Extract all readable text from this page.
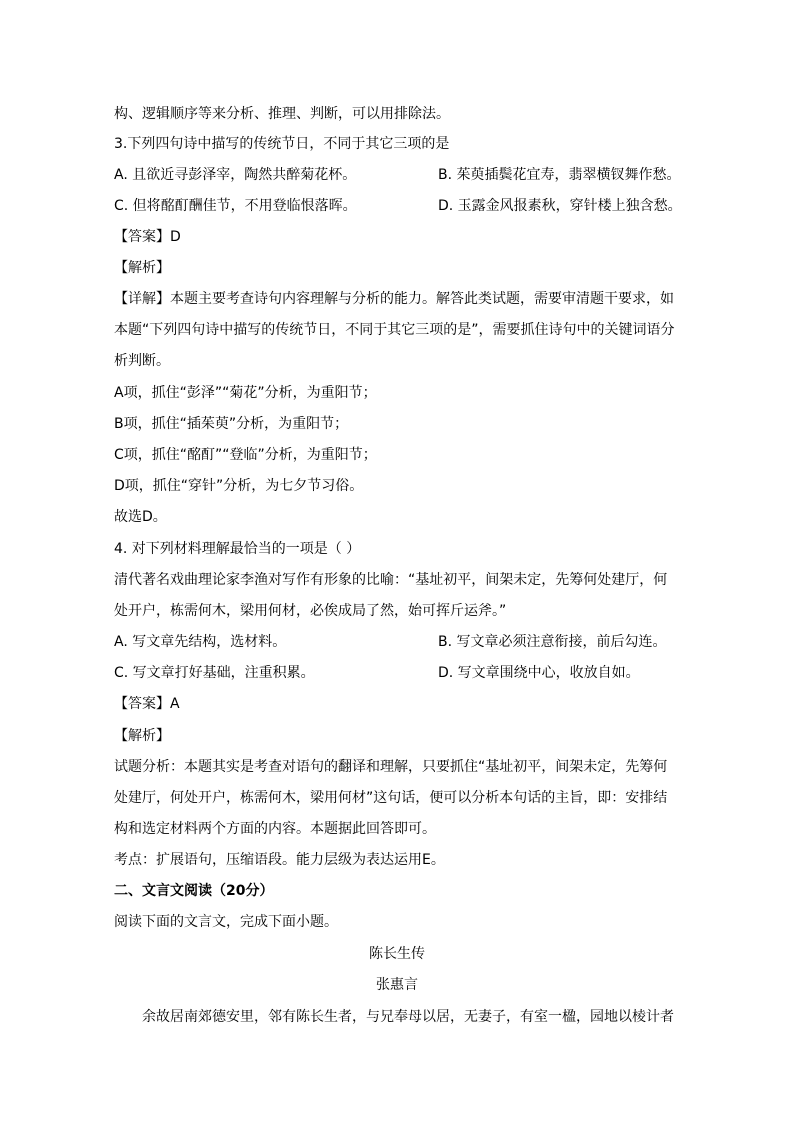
构、逻辑顺序等来分析、推理、判断，可以用排除法。
3.下列四句诗中描写的传统节日，不同于其它三项的是
A. 且欲近寻彭泽宰，陶然共醉菊花杯。	B. 茱萸插鬓花宜寿，翡翠横钗舞作愁。
C. 但将酩酊酬佳节，不用登临恨落晖。	D. 玉露金风报素秋，穿针楼上独含愁。
【答案】D
【解析】
【详解】本题主要考查诗句内容理解与分析的能力。解答此类试题，需要审清题干要求，如
本题“下列四句诗中描写的传统节日，不同于其它三项的是”，需要抓住诗句中的关键词语分
析判断。
A项，抓住“彭泽”“菊花”分析，为重阳节；
B项，抓住“插茱萸”分析，为重阳节；
C项，抓住“酩酊”“登临”分析，为重阳节；
D项，抓住“穿针”分析，为七夕节习俗。
故选D。
4. 对下列材料理解最恰当的一项是（ ）
清代著名戏曲理论家李渔对写作有形象的比喻：“基址初平，间架未定，先筹何处建厅，何
处开户，栋需何木，梁用何材，必俟成局了然，始可挥斤运斧。”
A. 写文章先结构，选材料。	B. 写文章必须注意衔接，前后勾连。
C. 写文章打好基础，注重积累。	D. 写文章围绕中心，收放自如。
【答案】A
【解析】
试题分析：本题其实是考查对语句的翻译和理解，只要抓住“基址初平，间架未定，先筹何
处建厅，何处开户，栋需何木，梁用何材”这句话，便可以分析本句话的主旨，即：安排结
构和选定材料两个方面的内容。本题据此回答即可。
考点：扩展语句，压缩语段。能力层级为表达运用E。
二、文言文阅读（20分）
阅读下面的文言文，完成下面小题。
陈长生传
张惠言
余故居南郊德安里，邻有陈长生者，与兄奉母以居，无妻子，有室一楹，园地以棱计者
